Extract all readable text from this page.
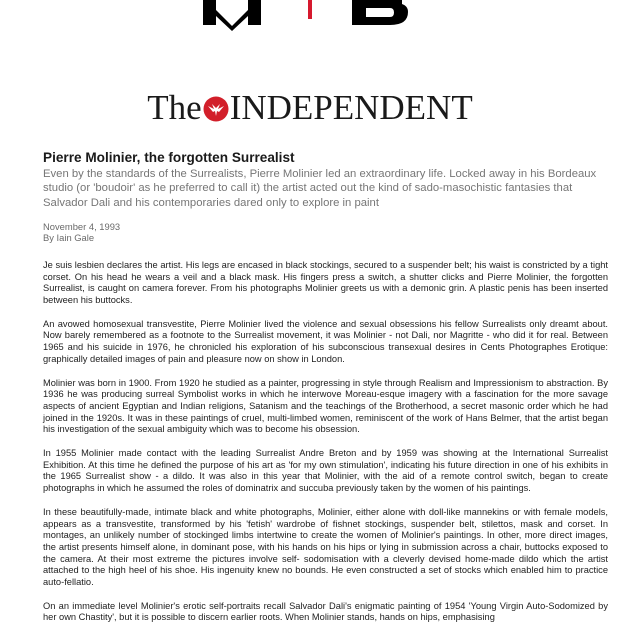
The INDEPENDENT
Pierre Molinier, the forgotten Surrealist
Even by the standards of the Surrealists, Pierre Molinier led an extraordinary life. Locked away in his Bordeaux studio (or 'boudoir' as he preferred to call it) the artist acted out the kind of sado-masochistic fantasies that Salvador Dali and his contemporaries dared only to explore in paint
November 4, 1993
By Iain Gale

Je suis lesbien declares the artist. His legs are encased in black stockings, secured to a suspender belt; his waist is constricted by a tight corset. On his head he wears a veil and a black mask. His fingers press a switch, a shutter clicks and Pierre Molinier, the forgotten Surrealist, is caught on camera forever. From his photographs Molinier greets us with a demonic grin. A plastic penis has been inserted between his buttocks.

An avowed homosexual transvestite, Pierre Molinier lived the violence and sexual obsessions his fellow Surrealists only dreamt about. Now barely remembered as a footnote to the Surrealist movement, it was Molinier - not Dali, nor Magritte - who did it for real. Between 1965 and his suicide in 1976, he chronicled his exploration of his subconscious transexual desires in Cents Photographes Erotique: graphically detailed images of pain and pleasure now on show in London.

Molinier was born in 1900. From 1920 he studied as a painter, progressing in style through Realism and Impressionism to abstraction. By 1936 he was producing surreal Symbolist works in which he interwove Moreau-esque imagery with a fascination for the more savage aspects of ancient Egyptian and Indian religions, Satanism and the teachings of the Brotherhood, a secret masonic order which he had joined in the 1920s. It was in these paintings of cruel, multi-limbed women, reminiscent of the work of Hans Belmer, that the artist began his investigation of the sexual ambiguity which was to become his obsession.

In 1955 Molinier made contact with the leading Surrealist Andre Breton and by 1959 was showing at the International Surrealist Exhibition. At this time he defined the purpose of his art as 'for my own stimulation', indicating his future direction in one of his exhibits in the 1965 Surrealist show - a dildo. It was also in this year that Molinier, with the aid of a remote control switch, began to create photographs in which he assumed the roles of dominatrix and succuba previously taken by the women of his paintings.

In these beautifully-made, intimate black and white photographs, Molinier, either alone with doll-like mannekins or with female models, appears as a transvestite, transformed by his 'fetish' wardrobe of fishnet stockings, suspender belt, stilettos, mask and corset. In montages, an unlikely number of stockinged limbs intertwine to create the women of Molinier's paintings. In other, more direct images, the artist presents himself alone, in dominant pose, with his hands on his hips or lying in submission across a chair, buttocks exposed to the camera. At their most extreme the pictures involve self- sodomisation with a cleverly devised home-made dildo which the artist attached to the high heel of his shoe. His ingenuity knew no bounds. He even constructed a set of stocks which enabled him to practice auto-fellatio.

On an immediate level Molinier's erotic self-portraits recall Salvador Dali's enigmatic painting of 1954 'Young Virgin Auto-Sodomized by her own Chastity', but it is possible to discern earlier roots. When Molinier stands, hands on hips, emphasising
